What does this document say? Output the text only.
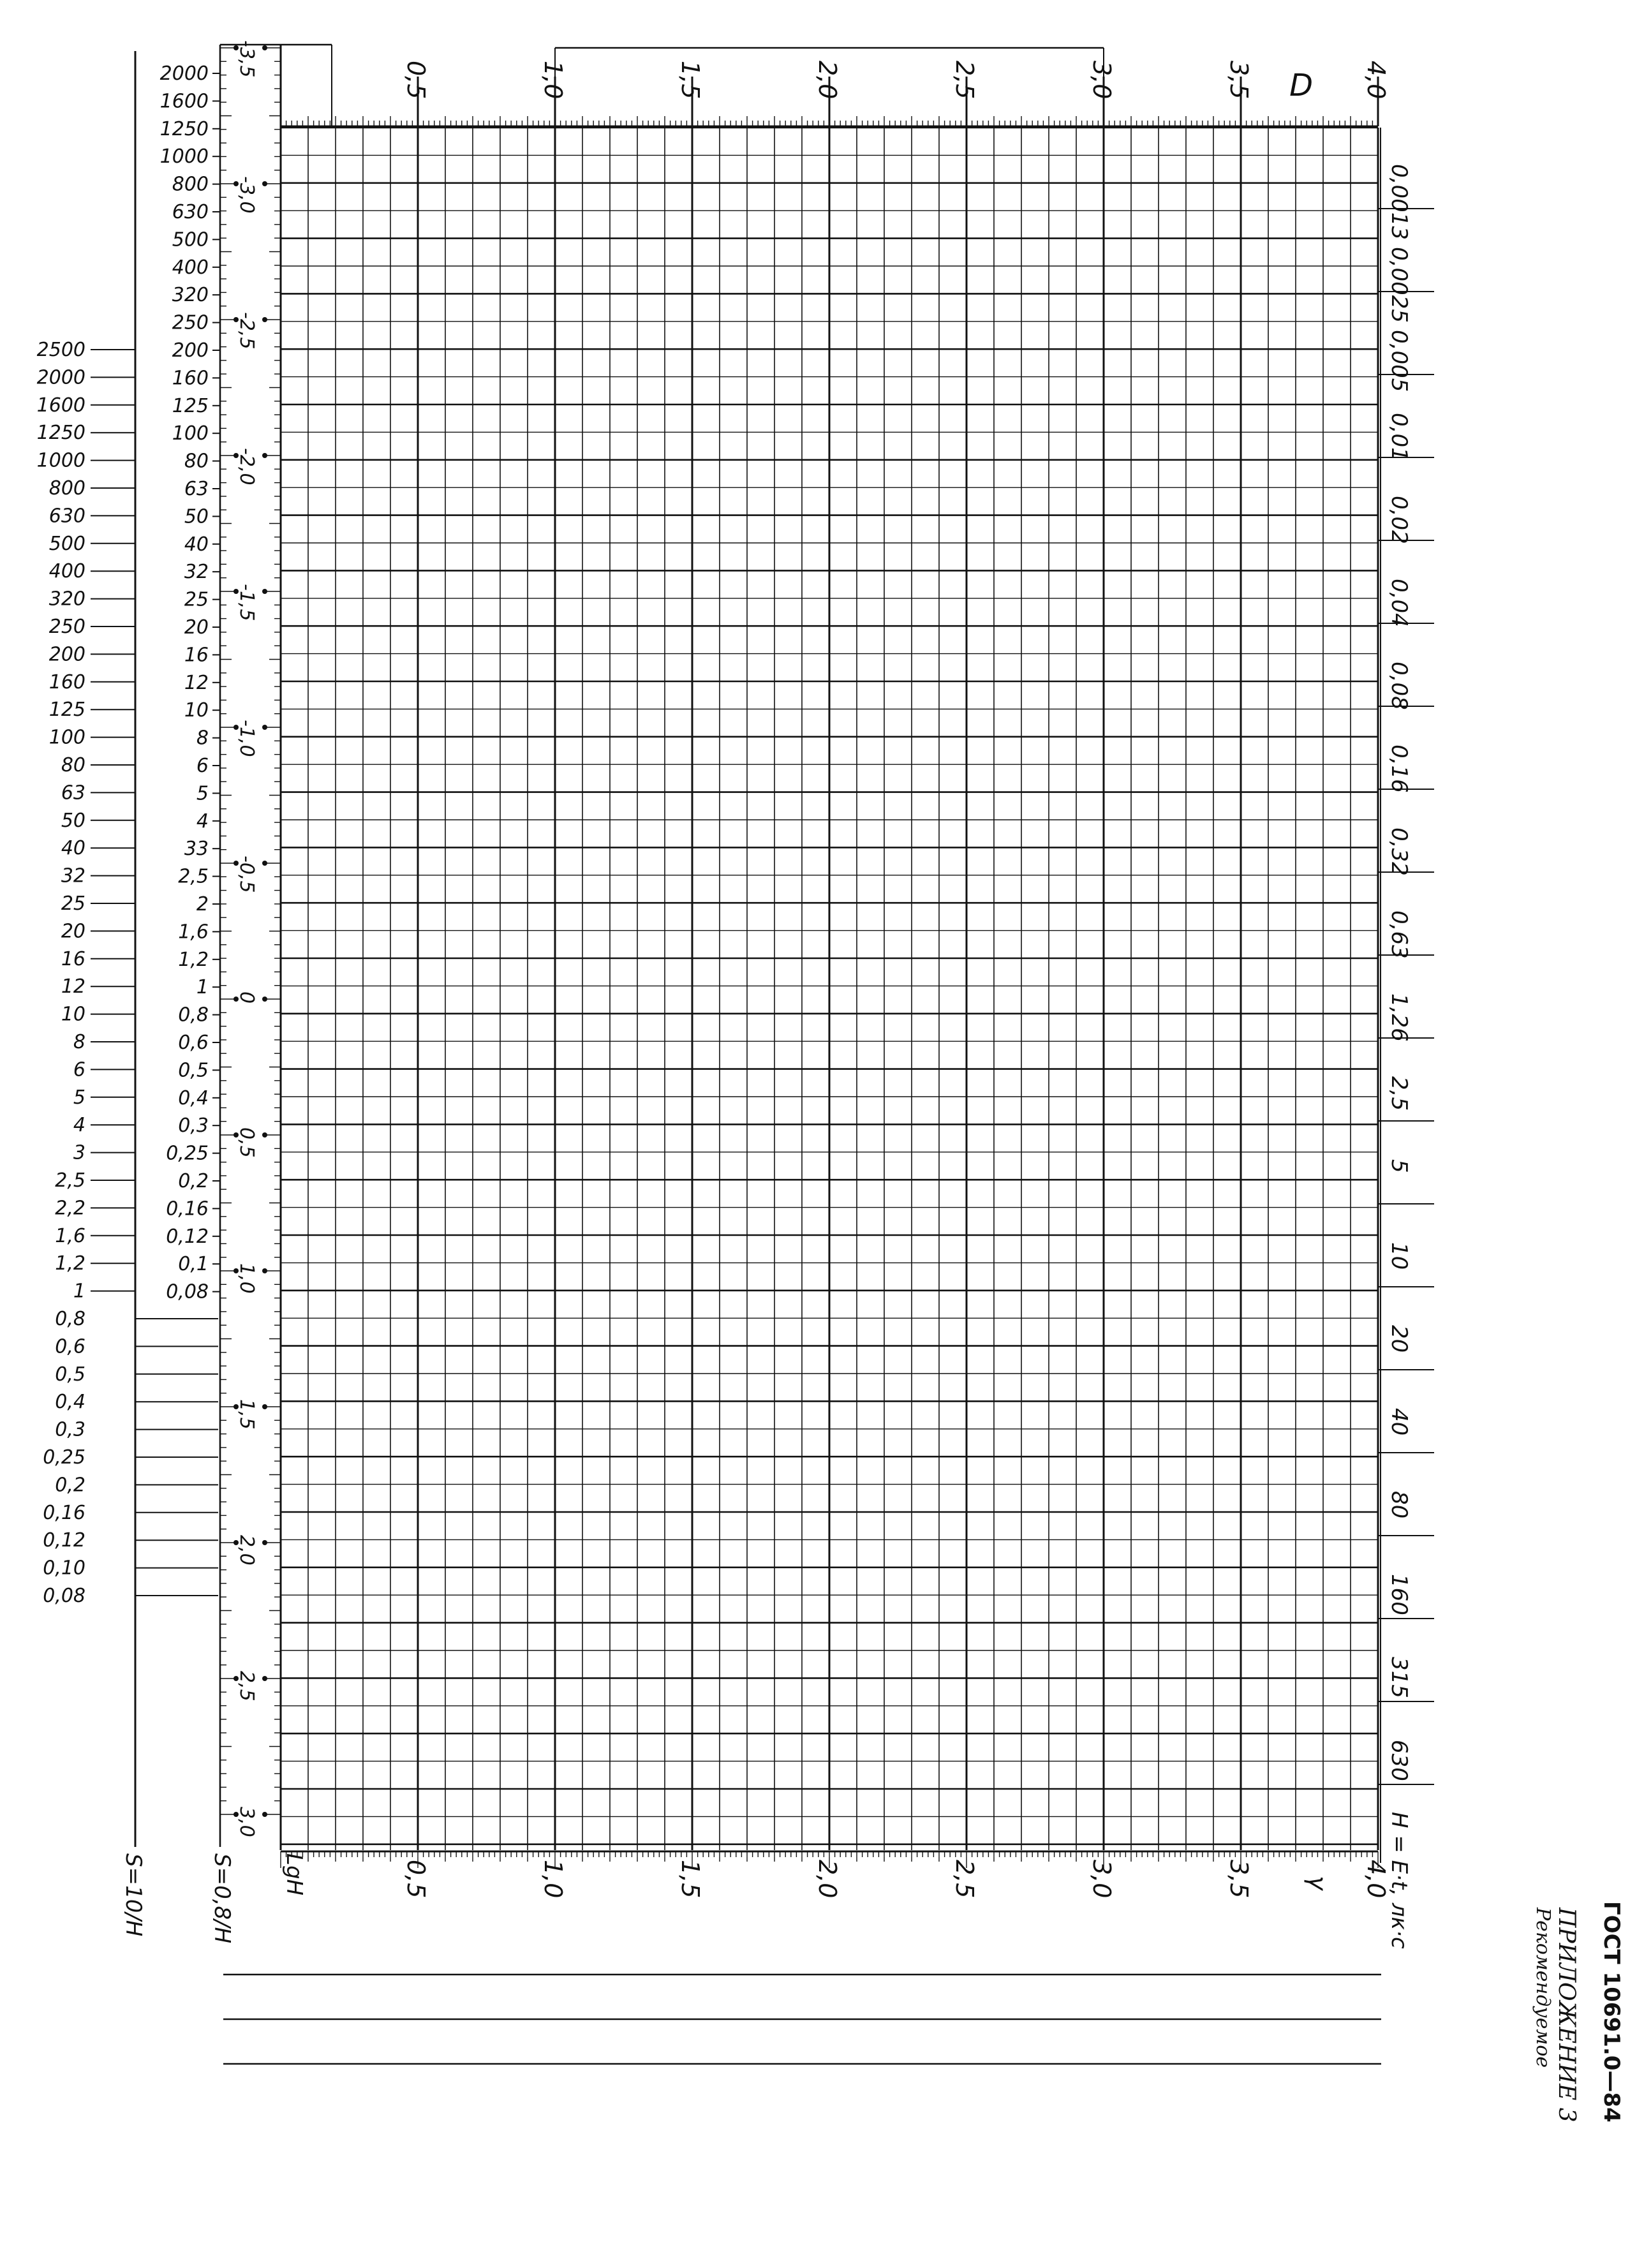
0,5
0,5
1,0
1,0
1,5
1,5
2,0
2,0
2,5
2,5
3,0
3,0
3,5
3,5
4,0
4,0
D
γ
-3,5
-3,0
-2,5
-2,0
-1,5
-1,0
-0,5
0
0,5
1,0
1,5
2,0
2,5
3,0
LgH
2500
2000
1600
1250
1000
800
630
500
400
320
250
200
160
125
100
80
63
50
40
32
25
20
16
12
10
8
6
5
4
3
2,5
2,2
1,6
1,2
1
0,8
0,6
0,5
0,4
0,3
0,25
0,2
0,16
0,12
0,10
0,08
S=10/H
2000
1600
1250
1000
800
630
500
400
320
250
200
160
125
100
80
63
50
40
32
25
20
16
12
10
8
6
5
4
33
2,5
2
1,6
1,2
1
0,8
0,6
0,5
0,4
0,3
0,25
0,2
0,16
0,12
0,1
0,08
S=0,8/H
0,0013
0,0025
0,005
0,01
0,02
0,04
0,08
0,16
0,32
0,63
1,26
2,5
5
10
20
40
80
160
315
630
H = E·t, лк·с
ГОСТ 10691.0—84
ПРИЛОЖЕНИЕ 3
Рекомендуемое
